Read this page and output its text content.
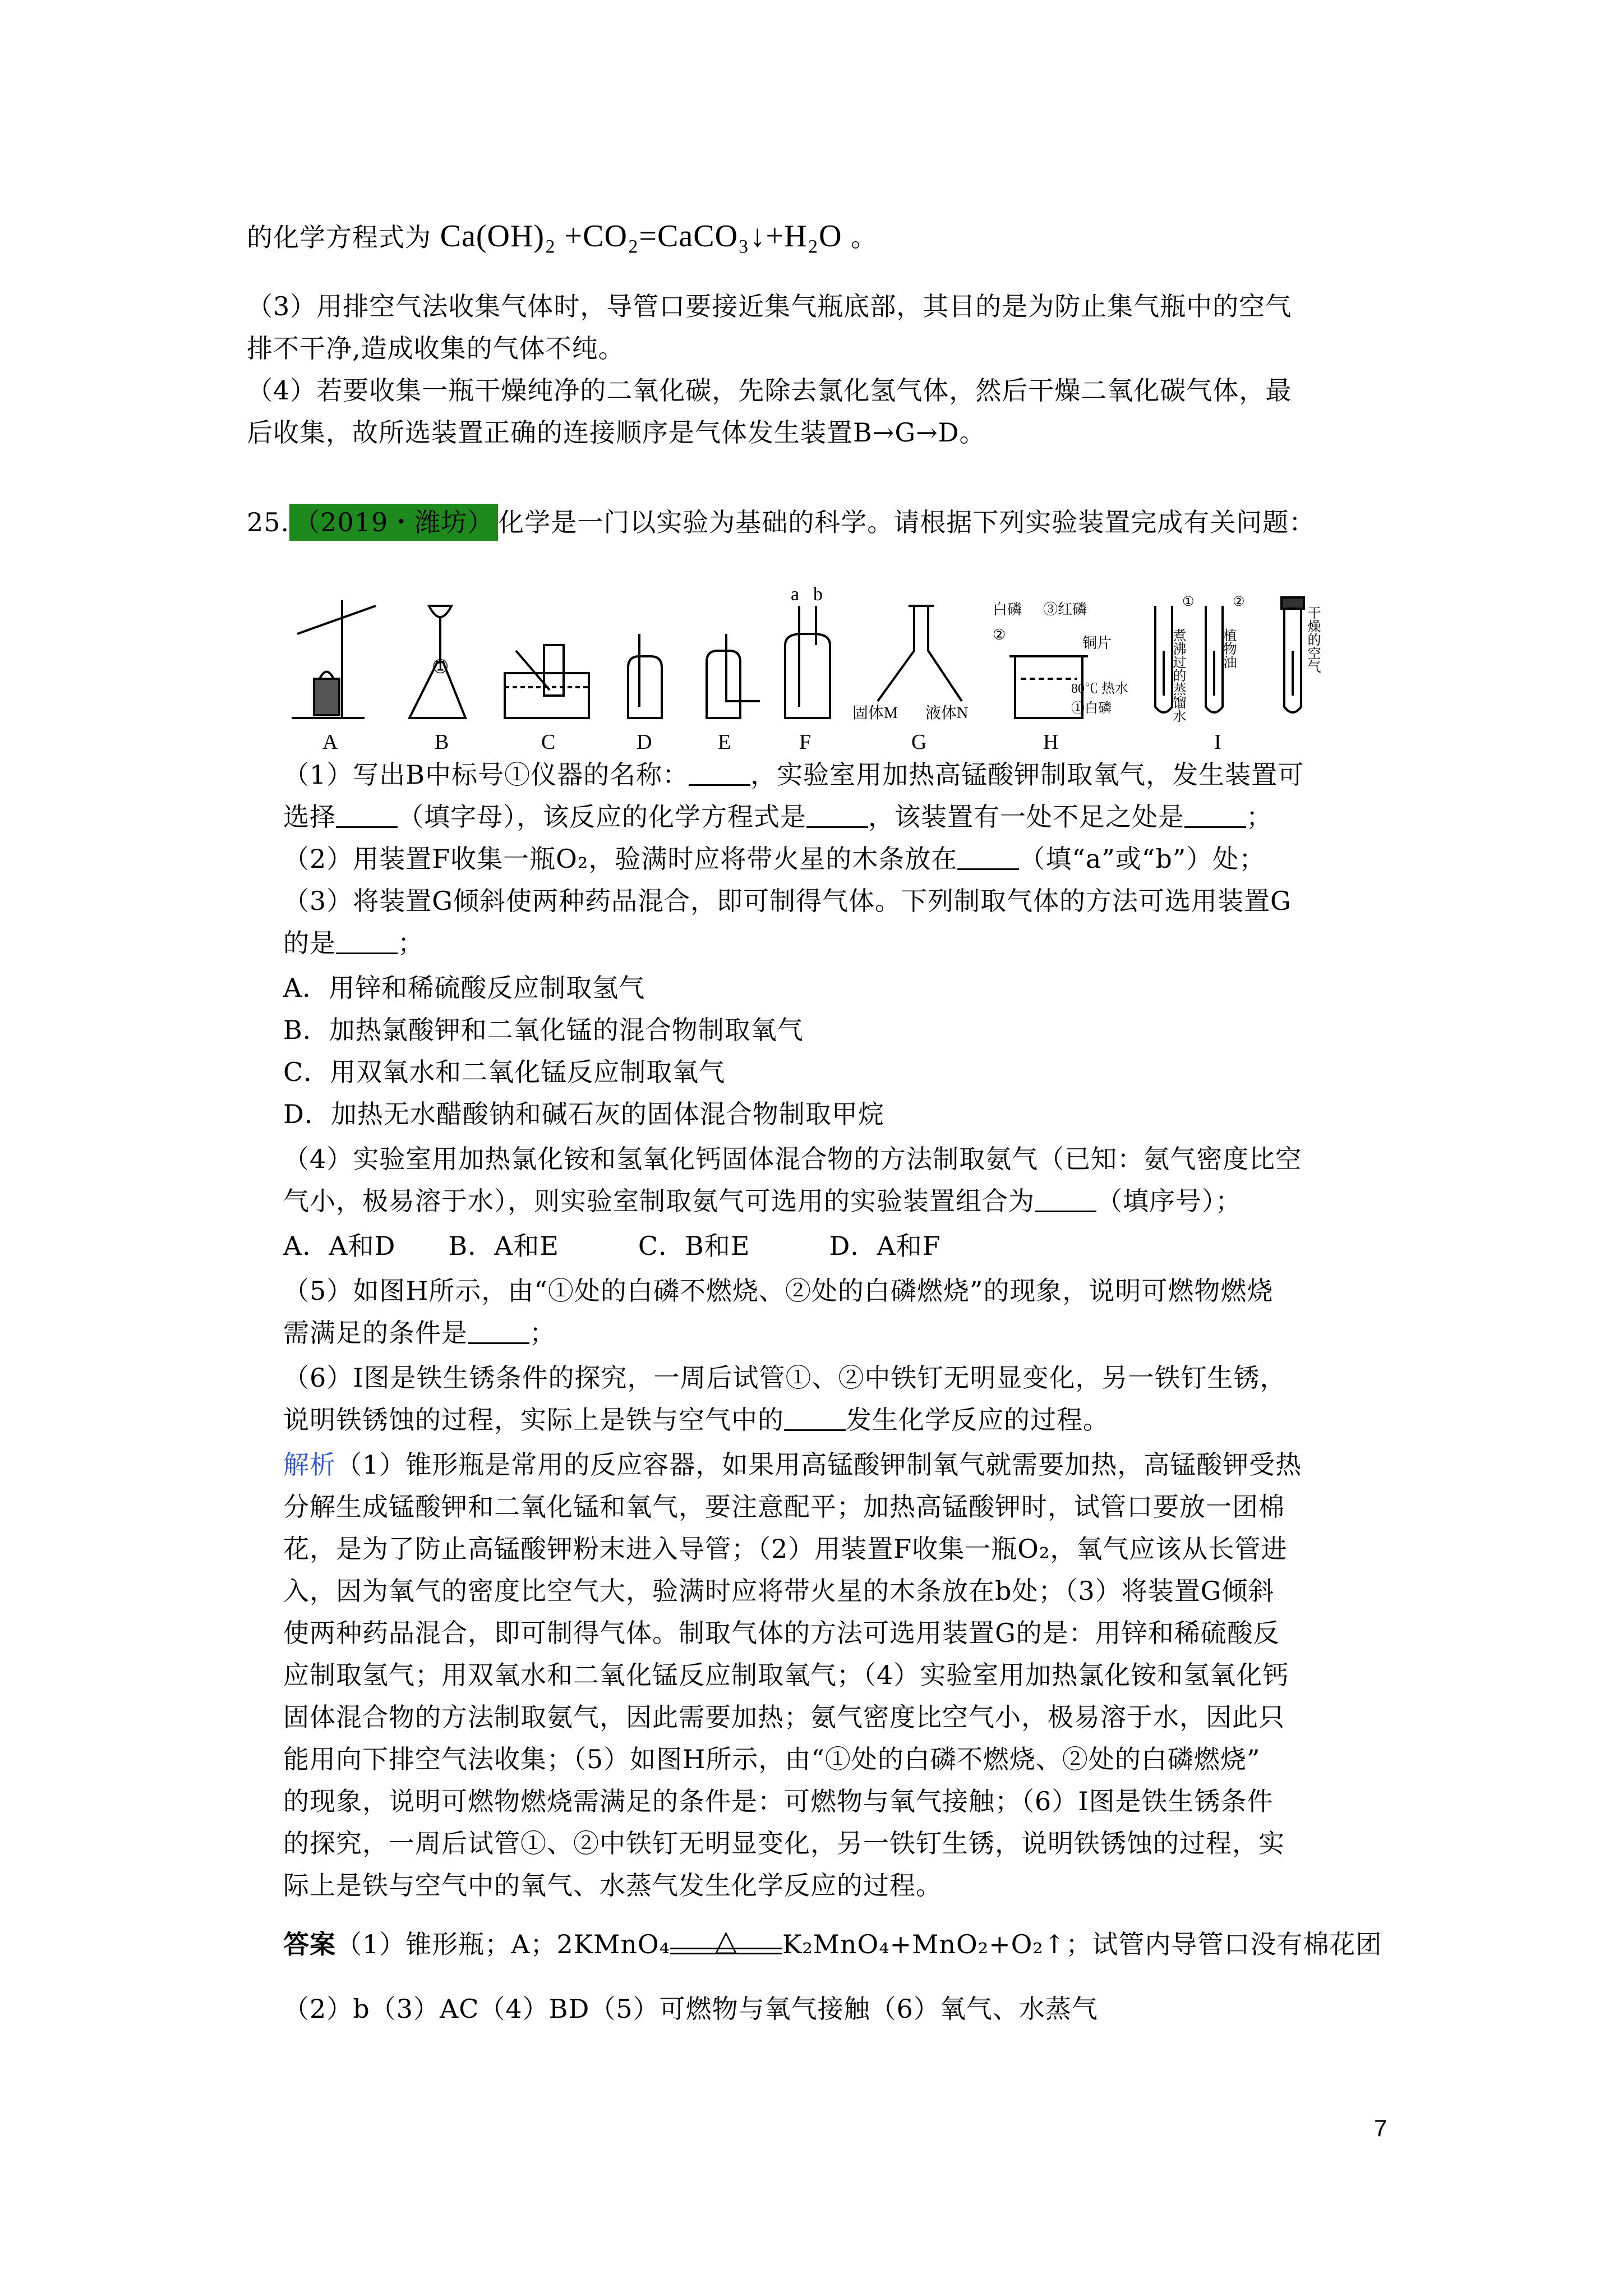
的化学方程式为 Ca(OH)₂ +CO₂=CaCO₃↓+H₂O 。
（3）用排空气法收集气体时，导管口要接近集气瓶底部，其目的是为防止集气瓶中的空气
排不干净,造成收集的气体不纯。
（4）若要收集一瓶干燥纯净的二氧化碳，先除去氯化氢气体，然后干燥二氧化碳气体，最
后收集，故所选装置正确的连接顺序是气体发生装置B→G→D。
25. （2019・潍坊） 化学是一门以实验为基础的科学。请根据下列实验装置完成有关问题：
①
a b
固体M 液体N
白磷 ③红磷
铜片
80℃ 热水
②
①白磷	煮沸过的蒸馏水	植物油	干燥的空气
①	②
A	B	C	D	E	F	G	H	I
（1）写出B中标号①仪器的名称： ，实验室用加热高锰酸钾制取氧气，发生装置可
选择 （填字母），该反应的化学方程式是 ，该装置有一处不足之处是 ；
（2）用装置F收集一瓶O₂，验满时应将带火星的木条放在 （填“a”或“b”）处；
（3）将装置G倾斜使两种药品混合，即可制得气体。下列制取气体的方法可选用装置G
的是 ；
A．用锌和稀硫酸反应制取氢气
B．加热氯酸钾和二氧化锰的混合物制取氧气
C．用双氧水和二氧化锰反应制取氧气
D．加热无水醋酸钠和碱石灰的固体混合物制取甲烷
（4）实验室用加热氯化铵和氢氧化钙固体混合物的方法制取氨气（已知：氨气密度比空
气小，极易溶于水），则实验室制取氨气可选用的实验装置组合为 （填序号）；
A．A和D　　B．A和E　　　C．B和E　　　D．A和F
（5）如图H所示，由“①处的白磷不燃烧、②处的白磷燃烧”的现象，说明可燃物燃烧
需满足的条件是 ；
（6）Ⅰ图是铁生锈条件的探究，一周后试管①、②中铁钉无明显变化，另一铁钉生锈，
说明铁锈蚀的过程，实际上是铁与空气中的 发生化学反应的过程。
解析（1）锥形瓶是常用的反应容器，如果用高锰酸钾制氧气就需要加热，高锰酸钾受热
分解生成锰酸钾和二氧化锰和氧气，要注意配平；加热高锰酸钾时，试管口要放一团棉
花，是为了防止高锰酸钾粉末进入导管；（2）用装置F收集一瓶O₂，氧气应该从长管进
入，因为氧气的密度比空气大，验满时应将带火星的木条放在b处；（3）将装置G倾斜
使两种药品混合，即可制得气体。制取气体的方法可选用装置G的是：用锌和稀硫酸反
应制取氢气；用双氧水和二氧化锰反应制取氧气；（4）实验室用加热氯化铵和氢氧化钙
固体混合物的方法制取氨气，因此需要加热；氨气密度比空气小，极易溶于水，因此只
能用向下排空气法收集；（5）如图H所示，由“①处的白磷不燃烧、②处的白磷燃烧”
的现象，说明可燃物燃烧需满足的条件是：可燃物与氧气接触；（6）Ⅰ图是铁生锈条件
的探究，一周后试管①、②中铁钉无明显变化，另一铁钉生锈，说明铁锈蚀的过程，实
际上是铁与空气中的氧气、水蒸气发生化学反应的过程。
答案（1）锥形瓶；A；2KMnO₄	△	K₂MnO₄+MnO₂+O₂↑；试管内导管口没有棉花团
（2）b（3）AC（4）BD（5）可燃物与氧气接触（6）氧气、水蒸气
7
